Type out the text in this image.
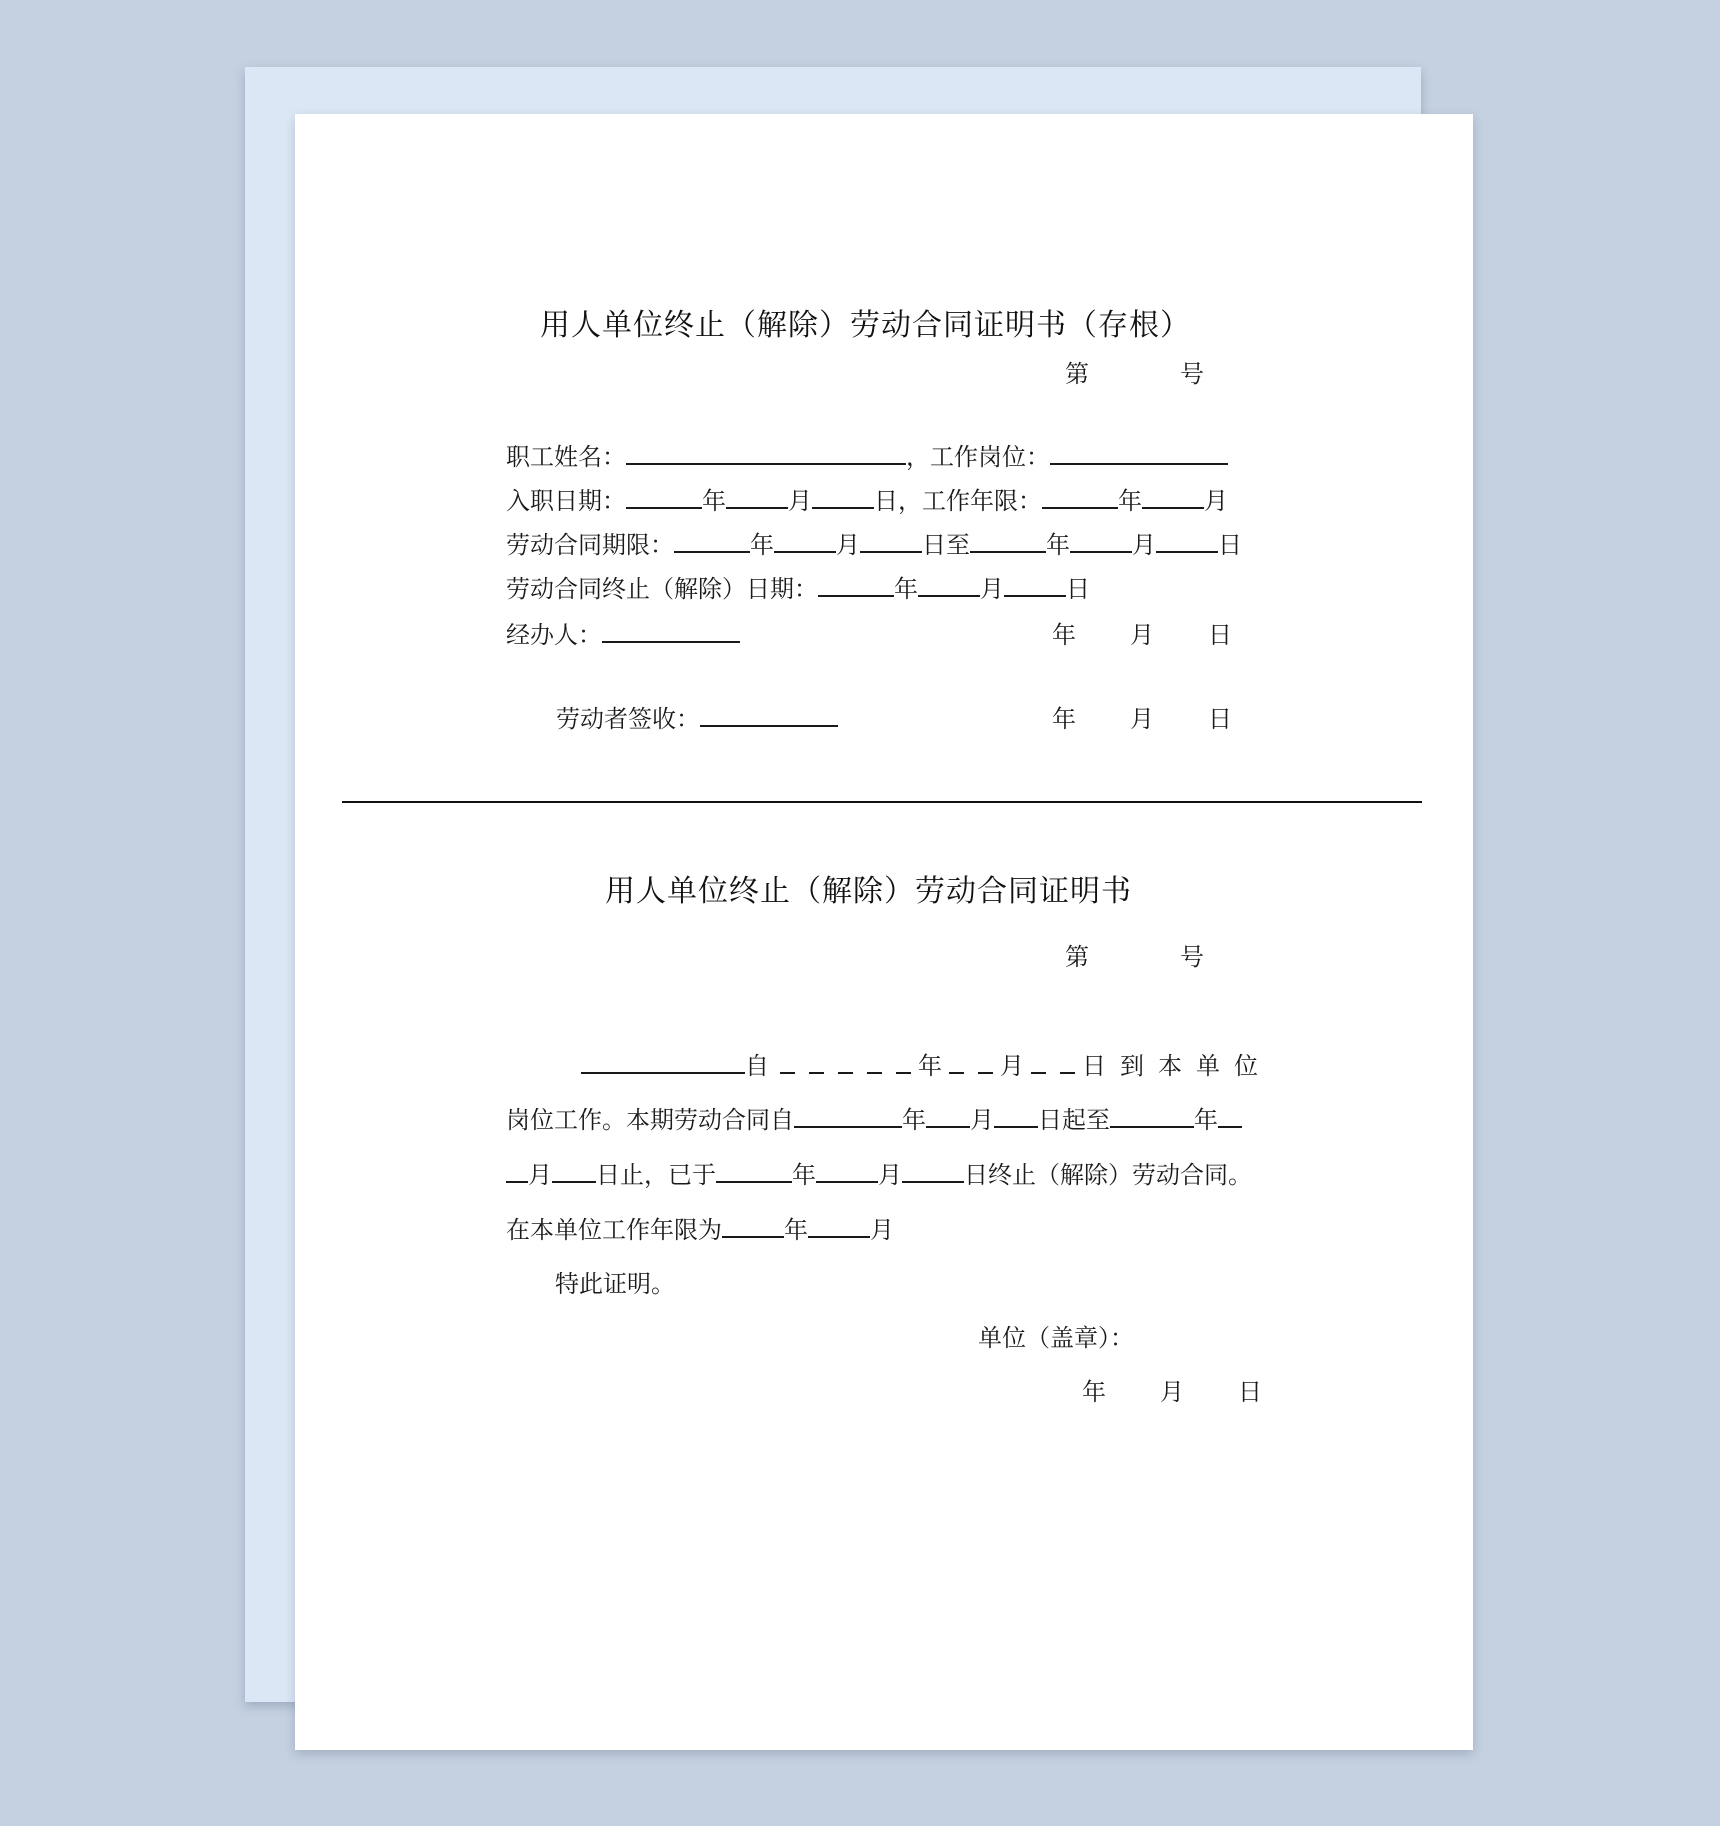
用人单位终止（解除）劳动合同证明书（存根）
第	号
职工姓名：	，工作岗位：
入职日期：	年	月	日，工作年限：	年	月
劳动合同期限：	年	月	日至	年	月	日
劳动合同终止（解除）日期：	年	月	日
经办人：	年 月 日
劳动者签收：	年 月 日
用人单位终止（解除）劳动合同证明书
第	号
自	年 月 日到本单位
岗位工作。本期劳动合同自	年 月 日起至	年
月 日止，已于	年	月	日终止（解除）劳动合同。
在本单位工作年限为	年	月
特此证明。
单位（盖章）：
年 月 日
